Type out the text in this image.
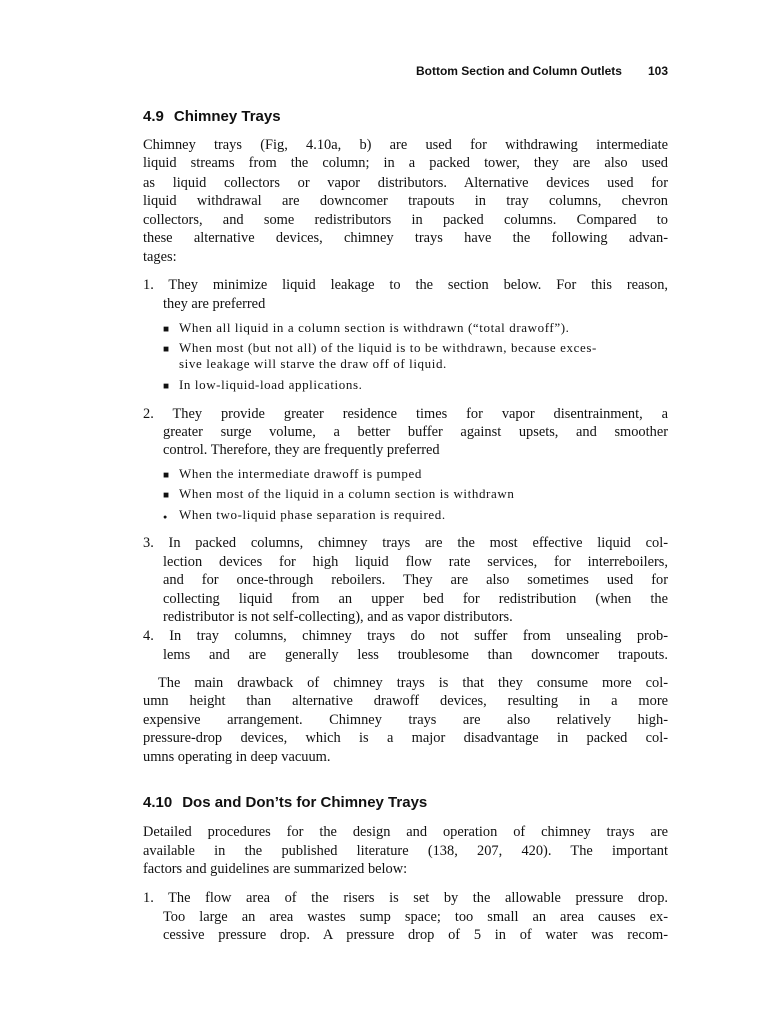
Bottom Section and Column Outlets 103
4.9 Chimney Trays
Chimney trays (Fig, 4.10a, b) are used for withdrawing intermediate
liquid streams from the column; in a packed tower, they are also used
as liquid collectors or vapor distributors. Alternative devices used for
liquid withdrawal are downcomer trapouts in tray columns, chevron
collectors, and some redistributors in packed columns. Compared to
these alternative devices, chimney trays have the following advan-
tages:
1. They minimize liquid leakage to the section below. For this reason,
they are preferred
■ When all liquid in a column section is withdrawn (“total drawoff”).
■ When most (but not all) of the liquid is to be withdrawn, because exces-
sive leakage will starve the draw off of liquid.
■ In low-liquid-load applications.
2. They provide greater residence times for vapor disentrainment, a
greater surge volume, a better buffer against upsets, and smoother
control. Therefore, they are frequently preferred
■ When the intermediate drawoff is pumped
■ When most of the liquid in a column section is withdrawn
● When two-liquid phase separation is required.
3. In packed columns, chimney trays are the most effective liquid col-
lection devices for high liquid flow rate services, for interreboilers,
and for once-through reboilers. They are also sometimes used for
collecting liquid from an upper bed for redistribution (when the
redistributor is not self-collecting), and as vapor distributors.
4. In tray columns, chimney trays do not suffer from unsealing prob-
lems and are generally less troublesome than downcomer trapouts.
The main drawback of chimney trays is that they consume more col-
umn height than alternative drawoff devices, resulting in a more
expensive arrangement. Chimney trays are also relatively high-
pressure-drop devices, which is a major disadvantage in packed col-
umns operating in deep vacuum.
4.10 Dos and Don’ts for Chimney Trays
Detailed procedures for the design and operation of chimney trays are
available in the published literature (138, 207, 420). The important
factors and guidelines are summarized below:
1. The flow area of the risers is set by the allowable pressure drop.
Too large an area wastes sump space; too small an area causes ex-
cessive pressure drop. A pressure drop of 5 in of water was recom-
